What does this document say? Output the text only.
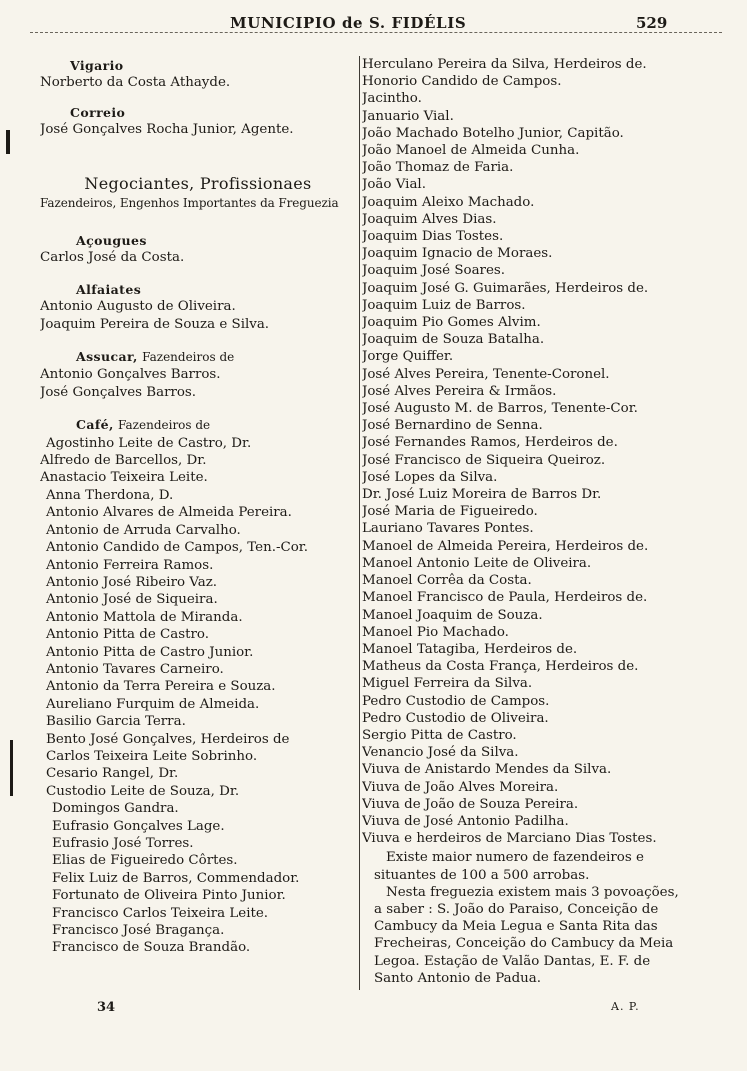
MUNICIPIO de S. FIDÉLIS	529
Vigario
Norberto da Costa Athayde.
Correio
José Gonçalves Rocha Junior, Agente.
Negociantes, Profissionaes
Fazendeiros, Engenhos Importantes da Freguezia
Açougues
Carlos José da Costa.
Alfaiates
Antonio Augusto de Oliveira.
Joaquim Pereira de Souza e Silva.
Assucar, Fazendeiros de
Antonio Gonçalves Barros.
José Gonçalves Barros.
Café, Fazendeiros de
Agostinho Leite de Castro, Dr.
Alfredo de Barcellos, Dr.
Anastacio Teixeira Leite.
Anna Therdona, D.
Antonio Alvares de Almeida Pereira.
Antonio de Arruda Carvalho.
Antonio Candido de Campos, Ten.-Cor.
Antonio Ferreira Ramos.
Antonio José Ribeiro Vaz.
Antonio José de Siqueira.
Antonio Mattola de Miranda.
Antonio Pitta de Castro.
Antonio Pitta de Castro Junior.
Antonio Tavares Carneiro.
Antonio da Terra Pereira e Souza.
Aureliano Furquim de Almeida.
Basilio Garcia Terra.
Bento José Gonçalves, Herdeiros de
Carlos Teixeira Leite Sobrinho.
Cesario Rangel, Dr.
Custodio Leite de Souza, Dr.
Domingos Gandra.
Eufrasio Gonçalves Lage.
Eufrasio José Torres.
Elias de Figueiredo Côrtes.
Felix Luiz de Barros, Commendador.
Fortunato de Oliveira Pinto Junior.
Francisco Carlos Teixeira Leite.
Francisco José Bragança.
Francisco de Souza Brandão.
Herculano Pereira da Silva, Herdeiros de.
Honorio Candido de Campos.
Jacintho.
Januario Vial.
João Machado Botelho Junior, Capitão.
João Manoel de Almeida Cunha.
João Thomaz de Faria.
João Vial.
Joaquim Aleixo Machado.
Joaquim Alves Dias.
Joaquim Dias Tostes.
Joaquim Ignacio de Moraes.
Joaquim José Soares.
Joaquim José G. Guimarães, Herdeiros de.
Joaquim Luiz de Barros.
Joaquim Pio Gomes Alvim.
Joaquim de Souza Batalha.
Jorge Quiffer.
José Alves Pereira, Tenente-Coronel.
José Alves Pereira & Irmãos.
José Augusto M. de Barros, Tenente-Cor.
José Bernardino de Senna.
José Fernandes Ramos, Herdeiros de.
José Francisco de Siqueira Queiroz.
José Lopes da Silva.
Dr. José Luiz Moreira de Barros Dr.
José Maria de Figueiredo.
Lauriano Tavares Pontes.
Manoel de Almeida Pereira, Herdeiros de.
Manoel Antonio Leite de Oliveira.
Manoel Corrêa da Costa.
Manoel Francisco de Paula, Herdeiros de.
Manoel Joaquim de Souza.
Manoel Pio Machado.
Manoel Tatagiba, Herdeiros de.
Matheus da Costa França, Herdeiros de.
Miguel Ferreira da Silva.
Pedro Custodio de Campos.
Pedro Custodio de Oliveira.
Sergio Pitta de Castro.
Venancio José da Silva.
Viuva de Anistardo Mendes da Silva.
Viuva de João Alves Moreira.
Viuva de João de Souza Pereira.
Viuva de José Antonio Padilha.
Viuva e herdeiros de Marciano Dias Tostes.
Existe maior numero de fazendeiros e
situantes de 100 a 500 arrobas.
Nesta freguezia existem mais 3 povoações,
a saber : S. João do Paraiso, Conceição de
Cambucy da Meia Legua e Santa Rita das
Frecheiras, Conceição do Cambucy da Meia
Legoa. Estação de Valão Dantas, E. F. de
Santo Antonio de Padua.
34	A. P.
